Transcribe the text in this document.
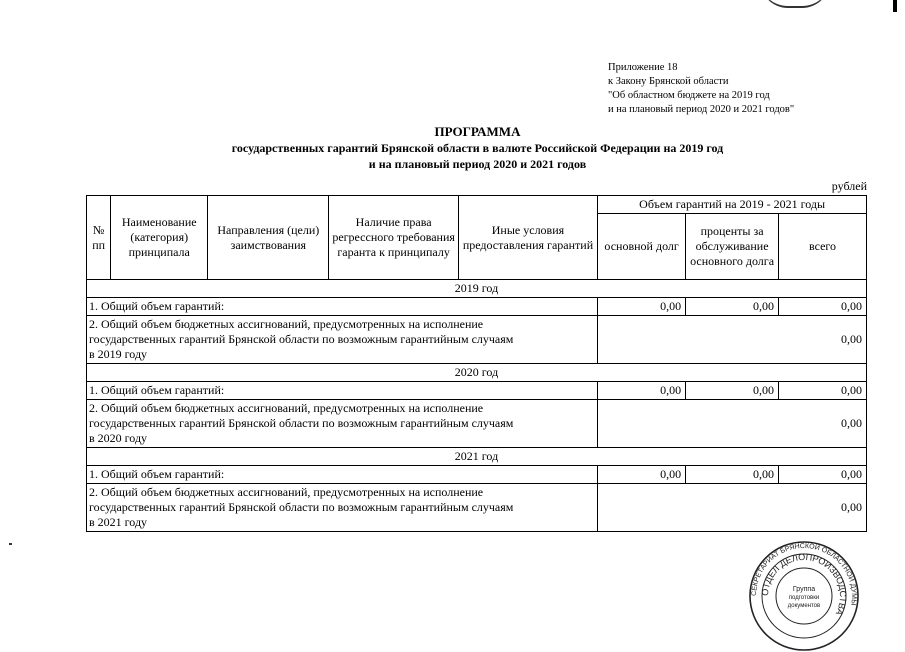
Приложение 18
к Закону Брянской области
"Об областном бюджете на 2019 год
и на плановый период 2020 и 2021 годов"
ПРОГРАММА
государственных гарантий Брянской области в валюте Российской Федерации на 2019 год
и на плановый период 2020 и 2021 годов
рублей
№ пп	Наименование (категория) принципала	Направления (цели) заимствования	Наличие права регрессного требования гаранта к принципалу	Иные условия предоставления гарантий	Объем гарантий на 2019 - 2021 годы		
					основной долг	проценты за обслуживание основного долга	всего
2019 год							
1. Общий объем гарантий:					0,00	0,00	0,00

2. Общий объем бюджетных ассигнований, предусмотренных на исполнение
государственных гарантий Брянской области по возможным гарантийным случаям
в 2019 году					0,00		
2020 год							
1. Общий объем гарантий:					0,00	0,00	0,00

2. Общий объем бюджетных ассигнований, предусмотренных на исполнение
государственных гарантий Брянской области по возможным гарантийным случаям
в 2020 году					0,00		
2021 год							
1. Общий объем гарантий:					0,00	0,00	0,00

2. Общий объем бюджетных ассигнований, предусмотренных на исполнение
государственных гарантий Брянской области по возможным гарантийным случаям
в 2021 году					0,00		
СЕКРЕТАРИАТ БРЯНСКОЙ ОБЛАСТНОЙ ДУМЫ
ОТДЕЛ ДЕЛОПРОИЗВОДСТВА
Группа
подготовки
документов
